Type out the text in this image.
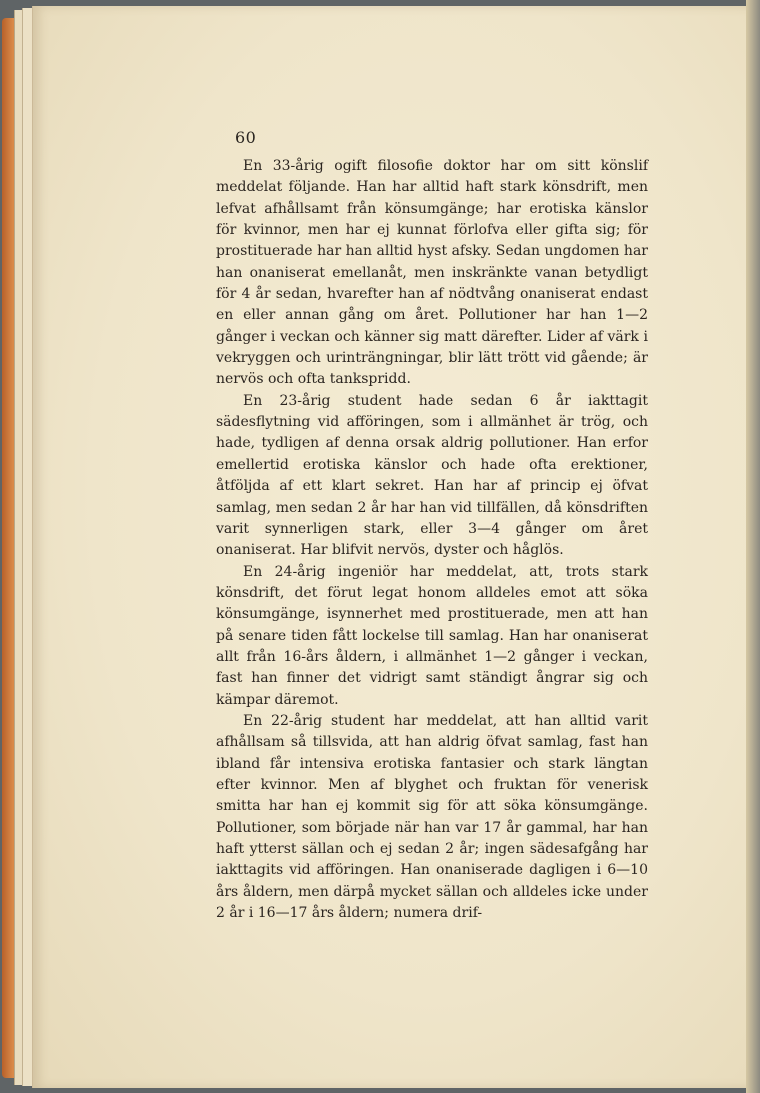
60

En 33-årig ogift filosofie doktor har om sitt könslif meddelat följande. Han har alltid haft stark könsdrift, men lefvat afhållsamt från könsumgänge; har erotiska känslor för kvinnor, men har ej kunnat förlofva eller gifta sig; för prostituerade har han alltid hyst afsky. Sedan ungdomen har han onaniserat emellanåt, men inskränkte vanan betydligt för 4 år sedan, hvarefter han af nödtvång onaniserat endast en eller annan gång om året. Pollutioner har han 1—2 gånger i veckan och känner sig matt därefter. Lider af värk i vekryggen och urinträngningar, blir lätt trött vid gående; är nervös och ofta tankspridd.

En 23-årig student hade sedan 6 år iakttagit sädesflytning vid afföringen, som i allmänhet är trög, och hade, tydligen af denna orsak aldrig pollutioner. Han erfor emellertid erotiska känslor och hade ofta erektioner, åtföljda af ett klart sekret. Han har af princip ej öfvat samlag, men sedan 2 år har han vid tillfällen, då könsdriften varit synnerligen stark, eller 3—4 gånger om året onaniserat. Har blifvit nervös, dyster och håglös.

En 24-årig ingeniör har meddelat, att, trots stark könsdrift, det förut legat honom alldeles emot att söka könsumgänge, isynnerhet med prostituerade, men att han på senare tiden fått lockelse till samlag. Han har onaniserat allt från 16-års åldern, i allmänhet 1—2 gånger i veckan, fast han finner det vidrigt samt ständigt ångrar sig och kämpar däremot.

En 22-årig student har meddelat, att han alltid varit afhållsam så tillsvida, att han aldrig öfvat samlag, fast han ibland får intensiva erotiska fantasier och stark längtan efter kvinnor. Men af blyghet och fruktan för venerisk smitta har han ej kommit sig för att söka könsumgänge. Pollutioner, som började när han var 17 år gammal, har han haft ytterst sällan och ej sedan 2 år; ingen sädesafgång har iakttagits vid afföringen. Han onaniserade dagligen i 6—10 års åldern, men därpå mycket sällan och alldeles icke under 2 år i 16—17 års åldern; numera drif-
